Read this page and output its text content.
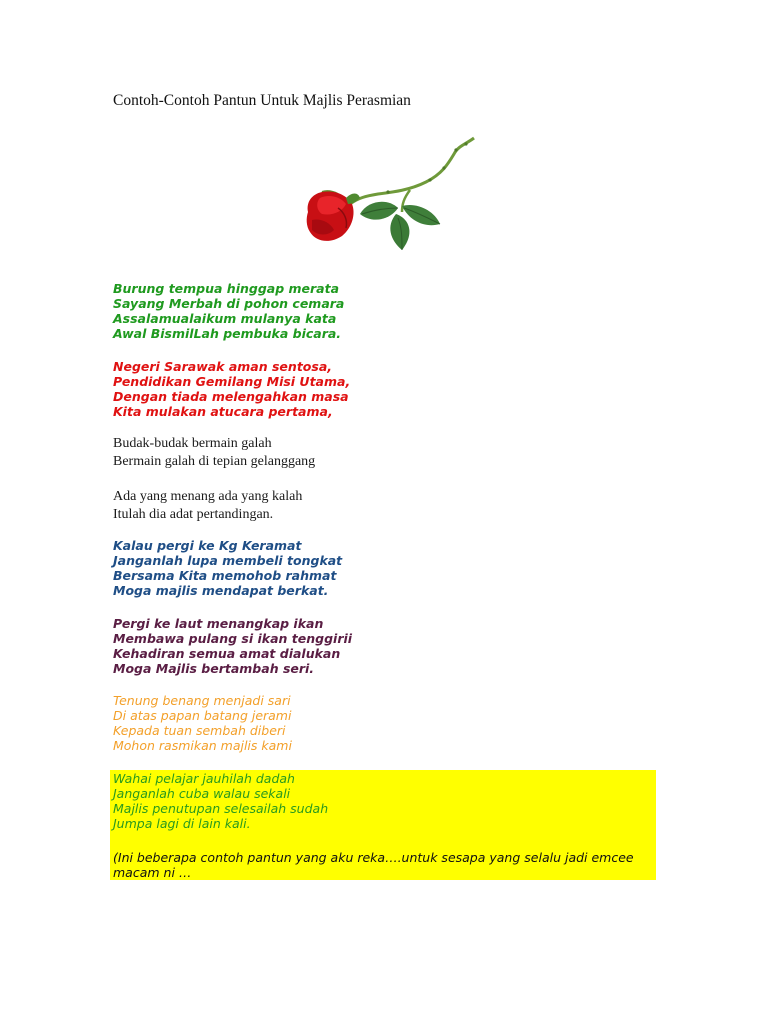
Contoh-Contoh Pantun Untuk Majlis Perasmian
Burung tempua hinggap merata
Sayang Merbah di pohon cemara
Assalamualaikum mulanya kata
Awal BismilLah pembuka bicara.
Negeri Sarawak aman sentosa,
Pendidikan Gemilang Misi Utama,
Dengan tiada melengahkan masa
Kita mulakan atucara pertama,
Budak-budak bermain galah
Bermain galah di tepian gelanggang
Ada yang menang ada yang kalah
Itulah dia adat pertandingan.
Kalau pergi ke Kg Keramat
Janganlah lupa membeli tongkat
Bersama Kita memohob rahmat
Moga majlis mendapat berkat.
Pergi ke laut menangkap ikan
Membawa pulang si ikan tenggirii
Kehadiran semua amat dialukan
Moga Majlis bertambah seri.
Tenung benang menjadi sari
Di atas papan batang jerami
Kepada tuan sembah diberi
Mohon rasmikan majlis kami
Wahai pelajar jauhilah dadah
Janganlah cuba walau sekali
Majlis penutupan selesailah sudah
Jumpa lagi di lain kali.

(Ini beberapa contoh pantun yang aku reka….untuk sesapa yang selalu jadi emcee macam ni …
